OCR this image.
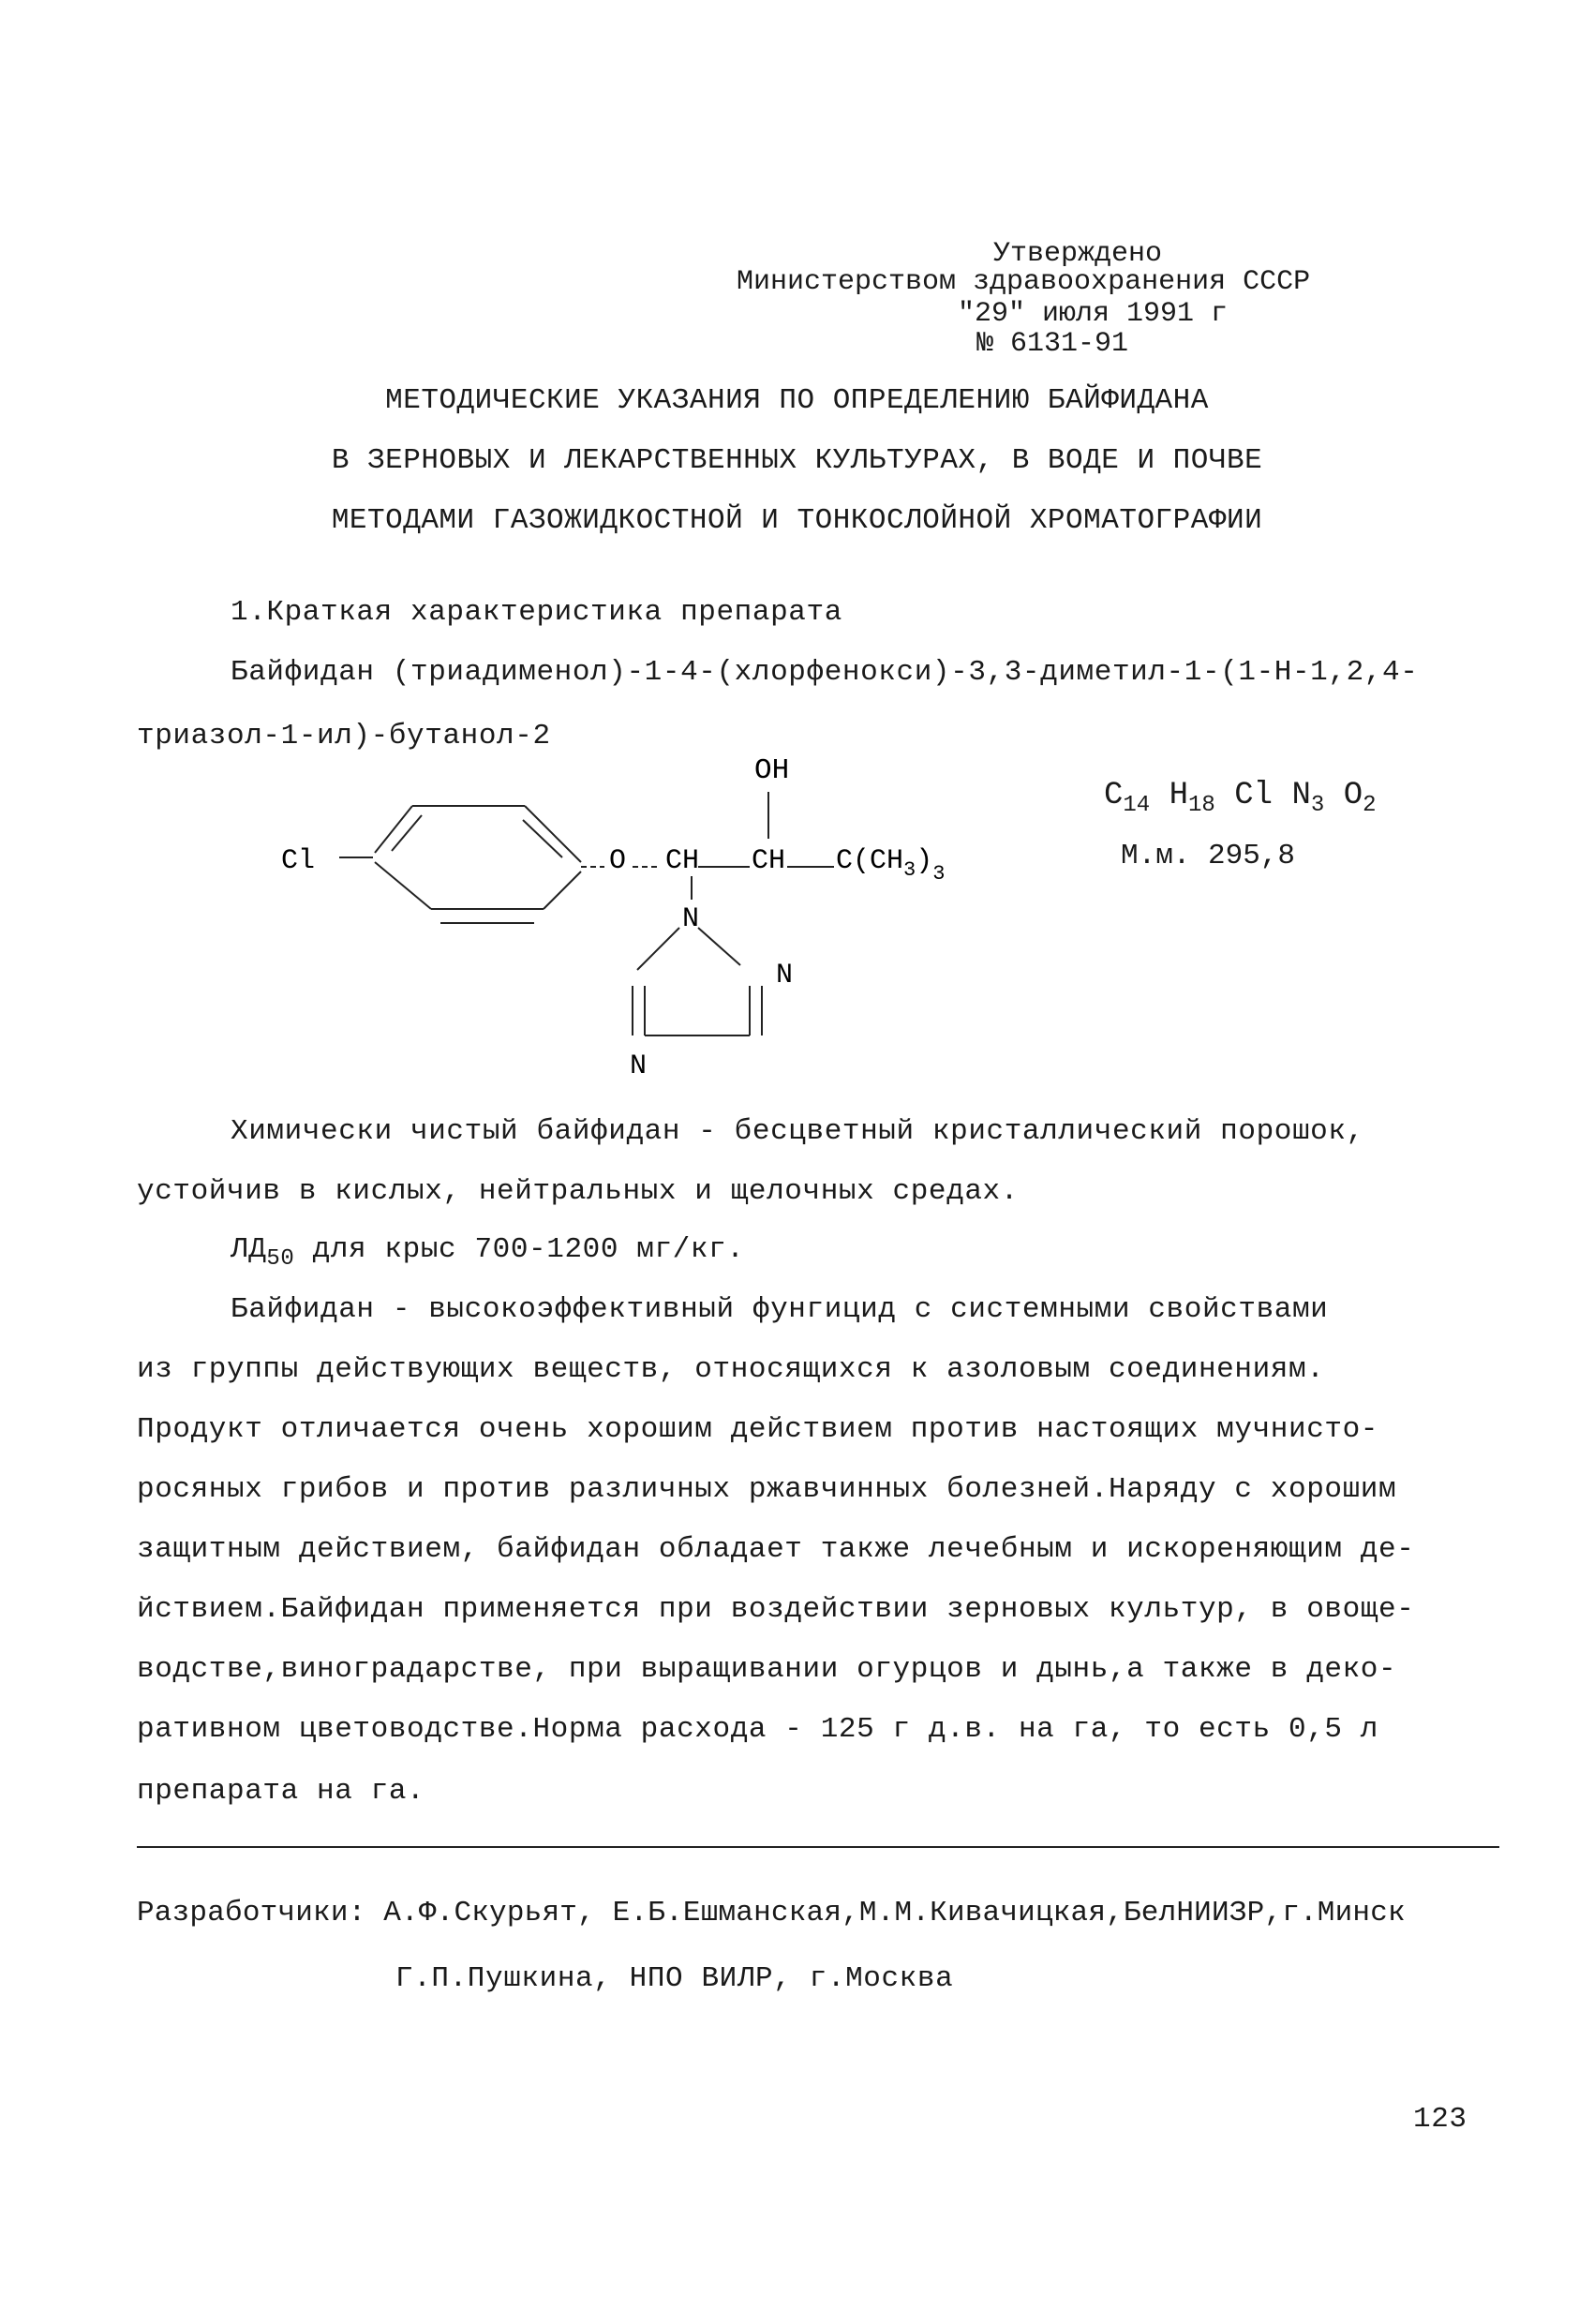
Утверждено
Министерством здравоохранения СССР
"29" июля 1991 г
№ 6131-91
МЕТОДИЧЕСКИЕ УКАЗАНИЯ ПО ОПРЕДЕЛЕНИЮ БАЙФИДАНА
В ЗЕРНОВЫХ И ЛЕКАРСТВЕННЫХ КУЛЬТУРАХ, В ВОДЕ И ПОЧВЕ
МЕТОДАМИ ГАЗОЖИДКОСТНОЙ И ТОНКОСЛОЙНОЙ ХРОМАТОГРАФИИ
1.Краткая характеристика препарата
Байфидан (триадименол)-1-4-(хлорфенокси)-3,3-диметил-1-(1-Н-1,2,4-
триазол-1-ил)-бутанол-2
OH
Cl	O CH CH $C(CH_3)_3$
N
N
N
$C_{14}$ $H_{18}$ Cl $N_3$ $O_2$
М.м. 295,8
Химически чистый байфидан - бесцветный кристаллический порошок,
устойчив в кислых, нейтральных и щелочных средах.
$ЛД_{50}$ для крыс 700-1200 мг/кг.
Байфидан - высокоэффективный фунгицид с системными свойствами
из группы действующих веществ, относящихся к азоловым соединениям.
Продукт отличается очень хорошим действием против настоящих мучнисто-
росяных грибов и против различных ржавчинных болезней.Наряду с хорошим
защитным действием, байфидан обладает также лечебным и искореняющим де-
йствием.Байфидан применяется при воздействии зерновых культур, в овоще-
водстве,виноградарстве, при выращивании огурцов и дынь,а также в деко-
ративном цветоводстве.Норма расхода - 125 г д.в. на га, то есть 0,5 л
препарата на га.
Разработчики: А.Ф.Скурьят, Е.Б.Ешманская,М.М.Кивачицкая,БелНИИЗР,г.Минск
Г.П.Пушкина, НПО ВИЛР, г.Москва
123
